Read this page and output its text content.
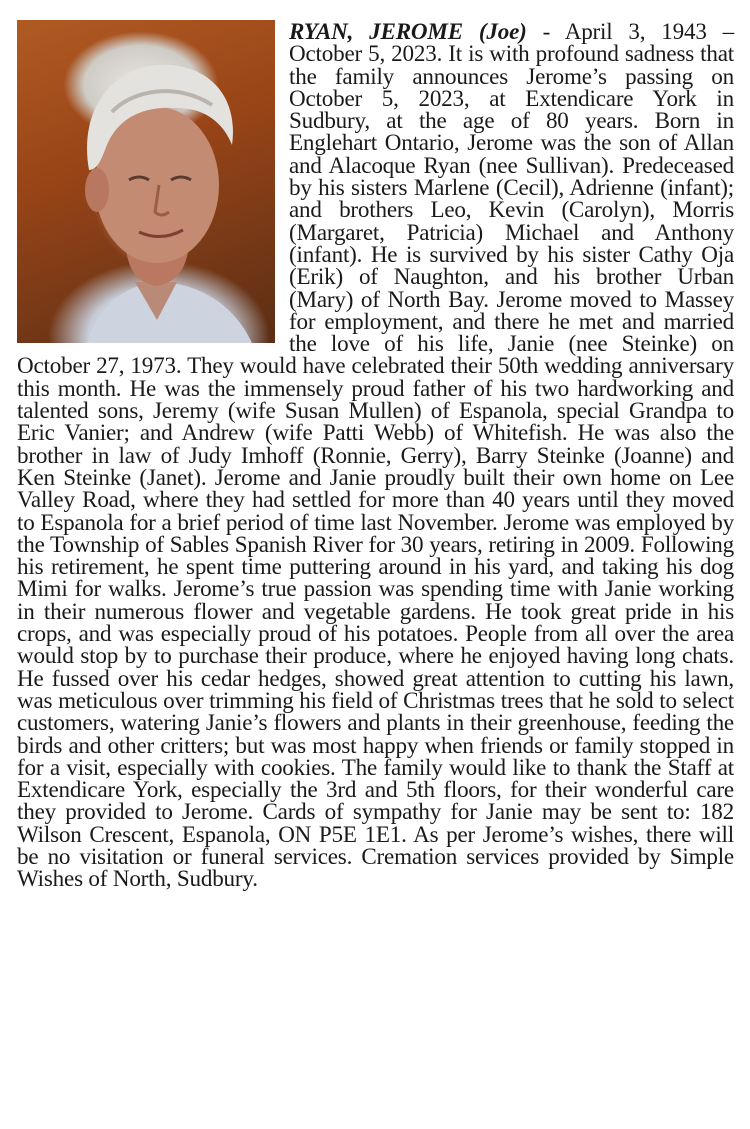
RYAN, JEROME (Joe) - April 3, 1943 – October 5, 2023. It is with profound sadness that the family announces Jerome’s passing on October 5, 2023, at Extendicare York in Sudbury, at the age of 80 years. Born in Englehart Ontario, Jerome was the son of Allan and Alacoque Ryan (nee Sullivan). Predeceased by his sisters Marlene (Cecil), Adrienne (infant); and brothers Leo, Kevin (Carolyn), Morris (Margaret, Patricia) Michael and Anthony (infant). He is survived by his sister Cathy Oja (Erik) of Naughton, and his brother Urban (Mary) of North Bay. Jerome moved to Massey for employment, and there he met and married the love of his life, Janie (nee Steinke) on October 27, 1973. They would have celebrated their 50th wedding anniversary this month. He was the immensely proud father of his two hardworking and talented sons, Jeremy (wife Susan Mullen) of Espanola, special Grandpa to Eric Vanier; and Andrew (wife Patti Webb) of Whitefish. He was also the brother in law of Judy Imhoff (Ronnie, Gerry), Barry Steinke (Joanne) and Ken Steinke (Janet). Jerome and Janie proudly built their own home on Lee Valley Road, where they had settled for more than 40 years until they moved to Espanola for a brief period of time last November. Jerome was employed by the Township of Sables Spanish River for 30 years, retiring in 2009. Following his retirement, he spent time puttering around in his yard, and taking his dog Mimi for walks. Jerome’s true passion was spending time with Janie working in their numerous flower and vegetable gardens. He took great pride in his crops, and was especially proud of his potatoes. People from all over the area would stop by to purchase their produce, where he enjoyed having long chats. He fussed over his cedar hedges, showed great attention to cutting his lawn, was meticulous over trimming his field of Christmas trees that he sold to select customers, watering Janie’s flowers and plants in their greenhouse, feeding the birds and other critters; but was most happy when friends or family stopped in for a visit, especially with cookies. The family would like to thank the Staff at Extendicare York, especially the 3rd and 5th floors, for their wonderful care they provided to Jerome. Cards of sympathy for Janie may be sent to: 182 Wilson Crescent, Espanola, ON P5E 1E1. As per Jerome’s wishes, there will be no visitation or funeral services. Cremation services provided by Simple Wishes of North, Sudbury.
